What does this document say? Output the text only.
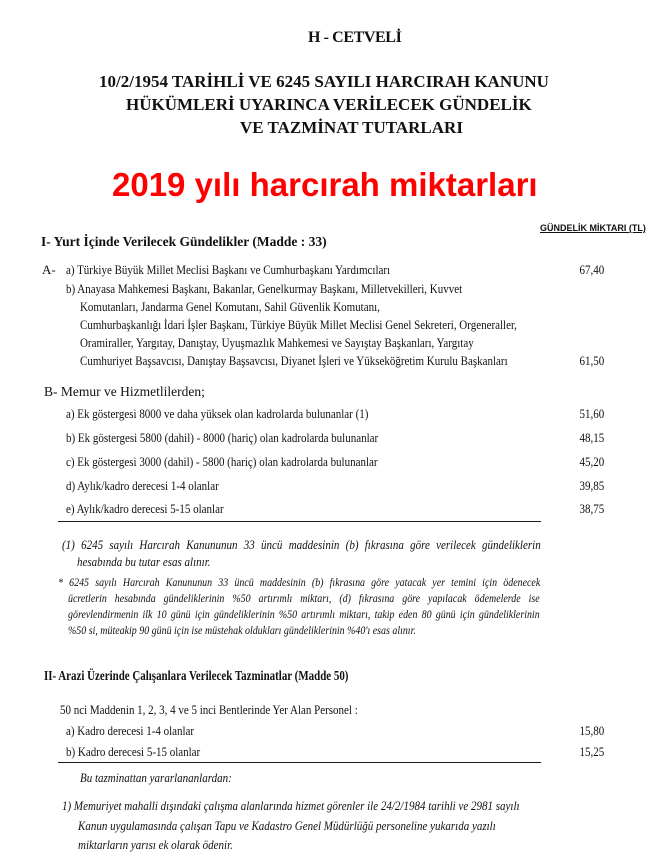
H - CETVELİ
10/2/1954 TARİHLİ VE 6245 SAYILI HARCIRAH KANUNU
HÜKÜMLERİ UYARINCA VERİLECEK GÜNDELİK
VE TAZMİNAT TUTARLARI
2019 yılı harcırah miktarları
GÜNDELİK MİKTARI (TL)
I- Yurt İçinde Verilecek Gündelikler (Madde : 33)
A- a) Türkiye Büyük Millet Meclisi Başkanı ve Cumhurbaşkanı Yardımcıları	67,40
b) Anayasa Mahkemesi Başkanı, Bakanlar, Genelkurmay Başkanı, Milletvekilleri, Kuvvet
Komutanları, Jandarma Genel Komutanı, Sahil Güvenlik Komutanı,
Cumhurbaşkanlığı İdari İşler Başkanı, Türkiye Büyük Millet Meclisi Genel Sekreteri, Orgeneraller,
Oramiraller, Yargıtay, Danıştay, Uyuşmazlık Mahkemesi ve Sayıştay Başkanları, Yargıtay
Cumhuriyet Başsavcısı, Danıştay Başsavcısı, Diyanet İşleri ve Yükseköğretim Kurulu Başkanları	61,50
B- Memur ve Hizmetlilerden;
a) Ek göstergesi 8000 ve daha yüksek olan kadrolarda bulunanlar (1)	51,60
b) Ek göstergesi 5800 (dahil) - 8000 (hariç) olan kadrolarda bulunanlar	48,15
c) Ek göstergesi 3000 (dahil) - 5800 (hariç) olan kadrolarda bulunanlar	45,20
d) Aylık/kadro derecesi 1-4 olanlar	39,85
e) Aylık/kadro derecesi 5-15 olanlar	38,75
(1) 6245 sayılı Harcırah Kanununun 33 üncü maddesinin (b) fıkrasına göre verilecek gündeliklerin
hesabında bu tutar esas alınır.
* 6245 sayılı Harcırah Kanununun 33 üncü maddesinin (b) fıkrasına göre yatacak yer temini için ödenecek
ücretlerin hesabında gündeliklerinin %50 artırımlı miktarı, (d) fıkrasına göre yapılacak ödemelerde ise
görevlendirmenin ilk 10 günü için gündeliklerinin %50 artırımlı miktarı, takip eden 80 günü için gündeliklerinin
%50 si, müteakip 90 günü için ise müstehak oldukları gündeliklerinin %40'ı esas alınır.
II- Arazi Üzerinde Çalışanlara Verilecek Tazminatlar (Madde 50)
50 nci Maddenin 1, 2, 3, 4 ve 5 inci Bentlerinde Yer Alan Personel :
a) Kadro derecesi 1-4 olanlar	15,80
b) Kadro derecesi 5-15 olanlar	15,25
Bu tazminattan yararlananlardan:
1) Memuriyet mahalli dışındaki çalışma alanlarında hizmet görenler ile 24/2/1984 tarihli ve 2981 sayılı
Kanun uygulamasında çalışan Tapu ve Kadastro Genel Müdürlüğü personeline yukarıda yazılı
miktarların yarısı ek olarak ödenir.
